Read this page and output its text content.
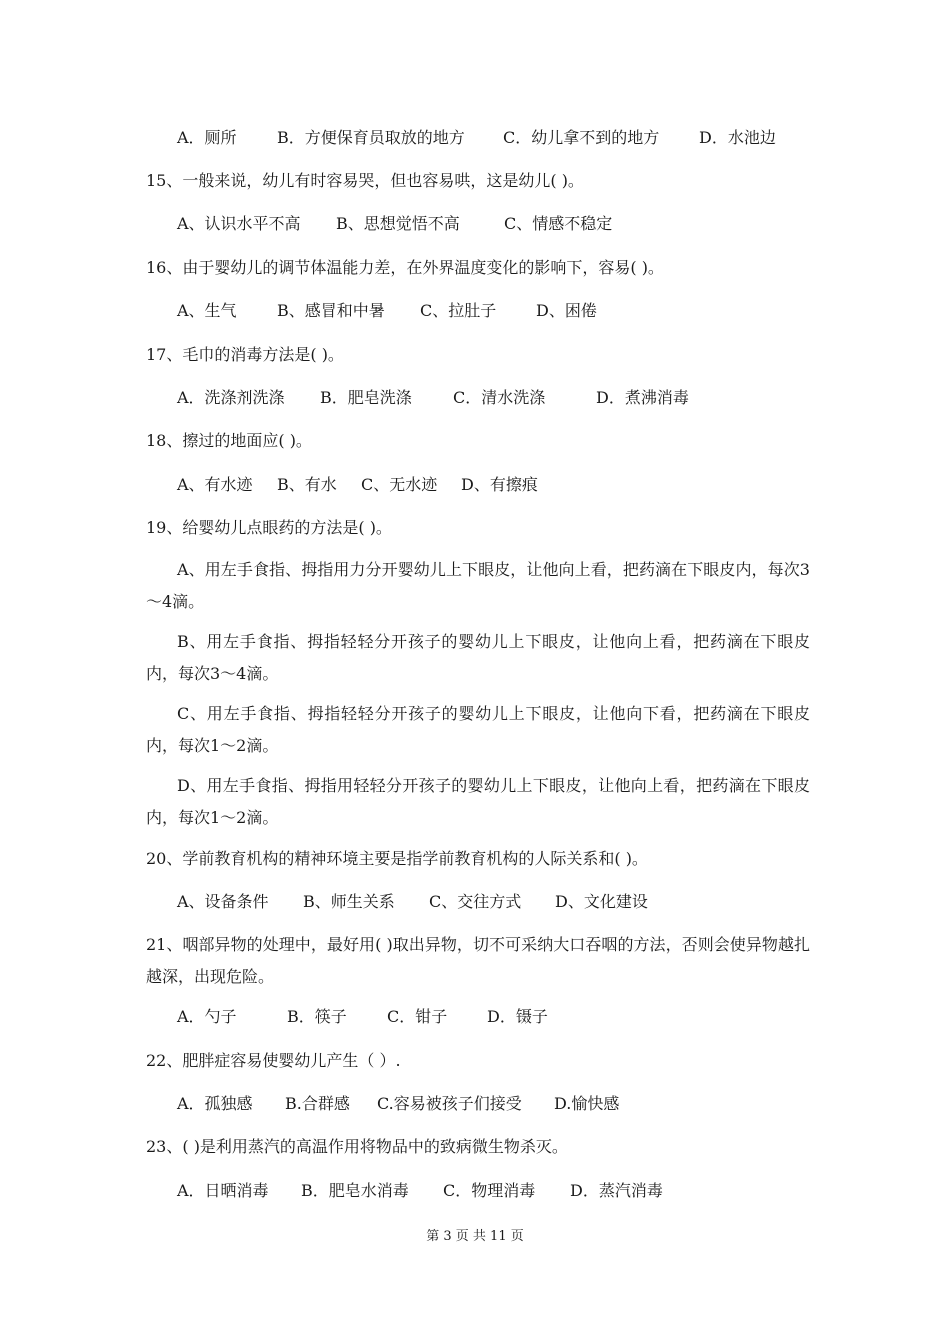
A．厕所	B．方便保育员取放的地方 C．幼儿拿不到的地方 D．水池边
15、一般来说，幼儿有时容易哭，但也容易哄，这是幼儿( )。
A、认识水平不高 B、思想觉悟不高	C、情感不稳定
16、由于婴幼儿的调节体温能力差，在外界温度变化的影响下，容易( )。
A、生气	B、感冒和中暑 C、拉肚子 D、困倦
17、毛巾的消毒方法是( )。
A．洗涤剂洗涤 B．肥皂洗涤	C．清水洗涤	D．煮沸消毒
18、擦过的地面应( )。
A、有水迹 B、有水 C、无水迹 D、有擦痕
19、给婴幼儿点眼药的方法是( )。
A、用左手食指、拇指用力分开婴幼儿上下眼皮，让他向上看，把药滴在下眼皮内，每次3～4滴。
B、用左手食指、拇指轻轻分开孩子的婴幼儿上下眼皮，让他向上看，把药滴在下眼皮内，每次3～4滴。
C、用左手食指、拇指轻轻分开孩子的婴幼儿上下眼皮，让他向下看，把药滴在下眼皮内，每次1～2滴。
D、用左手食指、拇指用轻轻分开孩子的婴幼儿上下眼皮，让他向上看，把药滴在下眼皮内，每次1～2滴。
20、学前教育机构的精神环境主要是指学前教育机构的人际关系和( )。
A、设备条件 B、师生关系 C、交往方式 D、文化建设
21、咽部异物的处理中，最好用( )取出异物，切不可采纳大口吞咽的方法，否则会使异物越扎越深，出现危险。
A．勺子	B．筷子	C．钳子 D．镊子
22、肥胖症容易使婴幼儿产生（ ）.
A．孤独感 B.合群感 C.容易被孩子们接受 D.愉快感
23、( )是利用蒸汽的高温作用将物品中的致病微生物杀灭。
A．日晒消毒 B．肥皂水消毒 C．物理消毒 D．蒸汽消毒
第 3 页 共 11 页
